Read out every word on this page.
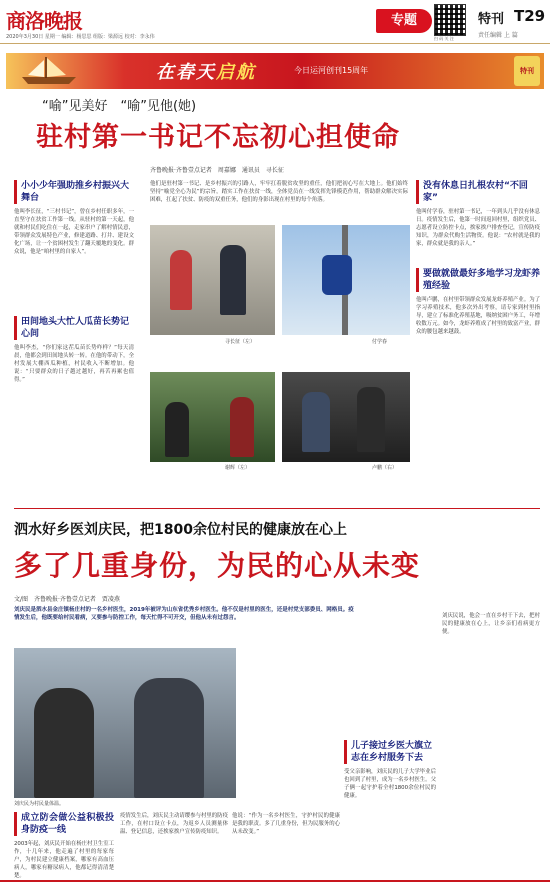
商洛晚报
2020年3月30日 星期一 编辑：杨思思 组版：梁源远 校对：李永伟
专题
扫 码 关 注
特刊 T29
责任编辑 上 篇
在春天启航	今日运河创刊15周年	特刊
“喻”见美好　“喻”见他(她)
驻村第一书记不忘初心担使命
齐鲁晚报·齐鲁壹点记者　周嘉娜　通讯员　寻长征
他们是驻村第一书记、是乡村振兴的引路人，牢牢扛着脱贫攻坚的重任，他们把初心写在大地上。他们始终坚持“喻党全心为民”的宗旨，踏实工作在扶贫一线，全体党员在一线发挥先锋模范作用，帮助群众解决实际困难，扛起了扶贫、防疫的双重任务，他们的身影出现在村里的每个角落。
小小少年强助推乡村振兴大舞台
他叫李长征，“三村书记”，曾在乡村任职多年，一直坚守在扶贫工作第一线。从驻村的第一天起，他就和村民们吃住在一起，走家串户了解村情民意，带领群众发展特色产业，修建道路、打井、建设文化广场，让一个贫困村发生了翻天覆地的变化。群众说，他是“咱村里的自家人”。
田间地头大忙人瓜苗长势记心间
他叫李杰，“你们家这茬瓜苗长势咋样？”每天清晨，他都会到田间地头转一转。在他的带动下，全村发展大棚西瓜种植，村民收入不断增加。他说：“只要群众的日子越过越好，再苦再累也值得。”
寻长征（左）	付学春
谢辉（左）	卢鹏（右）
没有休息日扎根农村“不回家”
他叫付学春，驻村第一书记，一年到头几乎没有休息日。疫情发生后，他第一时间返回村里，组织党员、志愿者设立防控卡点，挨家挨户排查登记，宣传防疫知识，为群众代购生活物资。他说：“农村就是我的家，群众就是我的亲人。”
要做就做最好多地学习龙虾养殖经验
他叫卢鹏，在村里带领群众发展龙虾养殖产业。为了学习养殖技术，他多次外出考察，请专家到村里指导，建立了标准化养殖基地，吸纳贫困户务工，年增收数万元。如今，龙虾养殖成了村里的致富产业，群众的腰包越来越鼓。
泗水好乡医刘庆民，把1800余位村民的健康放在心上
多了几重身份，为民的心从未变
文/图　齐鲁晚报·齐鲁壹点记者　贾凌燕
刘庆民是泗水县金庄镇杨庄村的一名乡村医生，2019年被评为山东省优秀乡村医生。他不仅是村里的医生，还是村党支部委员、网格员。疫情发生后，他既要给村民看病，又要参与防控工作，每天忙得不可开交，但他从未有过怨言。
刘庆民为村民量体温。
成立防会做公益积极投身防疫一线
2003年起，刘庆民开始在杨庄村卫生室工作，十几年来，他走遍了村里的每家每户，为村民建立健康档案，哪家有高血压病人，哪家有糖尿病人，他都记得清清楚楚。
疫情发生后，刘庆民主动请缨参与村里的防疫工作，在村口设立卡点，为返乡人员测量体温、登记信息，还挨家挨户宣传防疫知识。
他说：“作为一名乡村医生，守护村民的健康是我的职责。多了几重身份，但为民服务的心从未改变。”
儿子接过乡医大旗立志在乡村服务下去
受父亲影响，刘庆民的儿子大学毕业后也回到了村里，成为一名乡村医生。父子俩一起守护着全村1800余位村民的健康。
刘庆民说，他会一直在乡村干下去，把村民的健康放在心上，让乡亲们看病更方便。
